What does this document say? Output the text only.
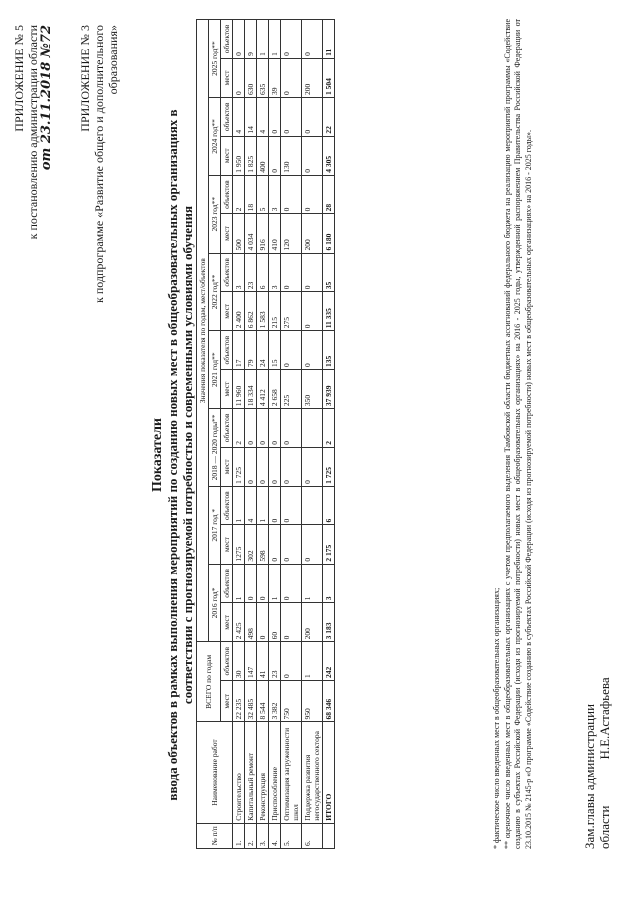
ПРИЛОЖЕНИЕ № 5 к постановлению администрации области от 23.11.2018 №72 ПРИЛОЖЕНИЕ № 3 к подпрограмме «Развитие общего и дополнительного образования»
Показатели ввода объектов в рамках выполнения мероприятий по созданию новых мест в общеобразовательных организациях в соответствии с прогнозируемой потребностью и современными условиями обучения
№ п/п	Наименование работ	ВСЕГО по годам		Значения показателя по годам, мест/объектов															
				2016 год*		2017 год *		2018 — 2020 годы**		2021 год**		2022 год**		2023 год**		2024 год**		2025 год**	
		мест	объектов	мест	объектов	мест	объектов	мест	объектов	мест	объектов	мест	объектов	мест	объектов	мест	объектов	мест	объектов
1.	Строительство	22 235	30	2 425	1	1275	1	1 725	2	11 960	17	2 400	3	500	2	1 950	4	0	0
2.	Капитальный ремонт	32 485	147	498	0	302	4	0	0	18 334	79	6 862	23	4 034	18	1 825	14	630	9
3.	Реконструкция	8 544	41	0	0	598	1	0	0	4 412	24	1 583	6	916	5	400	4	635	1
4.	Приспособление	3 382	23	60	1	0	0	0	0	2 658	15	215	3	410	3	0	0	39	1
5.	Оптимизация загруженности школ	750	0	0	0	0	0	0	0	225	0	275	0	120	0	130	0	0	0
6.	Поддержка развития негосударственного сектора	950	1	200	1	0		0		350	0	0	0	200	0	0	0	200	0
	ИТОГО	68 346	242	3 183	3	2 175	6	1 725	2	37 939	135	11 335	35	6 180	28	4 305	22	1 504	11

* фактическое число введенных мест в общеобразовательных организациях; ** оценочное число введенных мест в общеобразовательных организациях с учетом предполагаемого выделения Тамбовской области бюджетных ассигнований федерального бюджета на реализацию мероприятий программы «Содействие созданию в субъектах Российской Федерации (исходя из прогнозируемой потребности) новых мест в общеобразовательных организациях» на 2016 - 2025 годы, утвержденной распоряжением Правительства Российской Федерации от 23.10.2015 № 2145-р «О программе «Содействие созданию в субъектах Российской Федерации (исходя из прогнозируемой потребности) новых мест в общеобразовательных организациях» на 2016 - 2025 годы».	Зам.главы администрации области
Н.Е.Астафьева
